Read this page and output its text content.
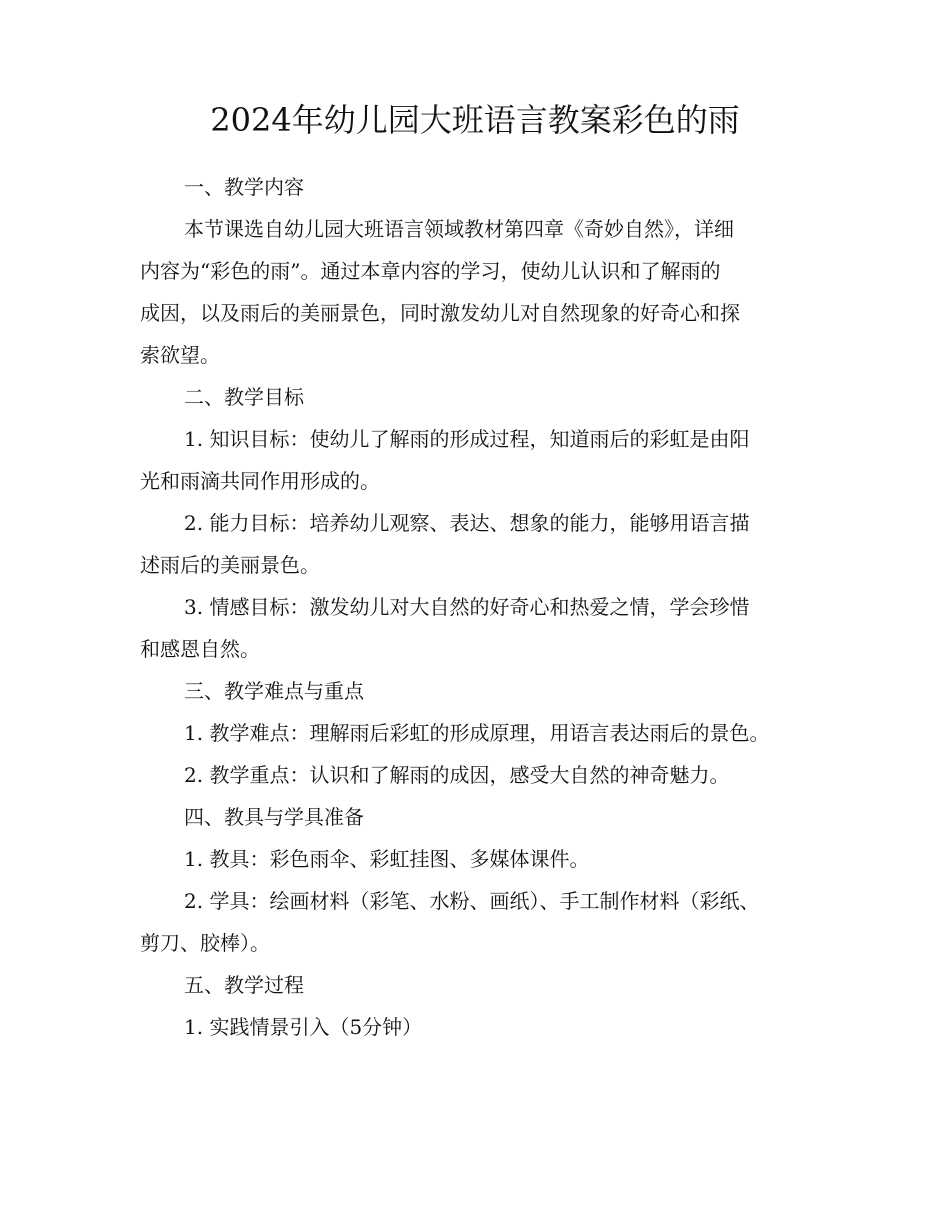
2024年幼儿园大班语言教案彩色的雨
一、教学内容
本节课选自幼儿园大班语言领域教材第四章《奇妙自然》，详细
内容为“彩色的雨”。通过本章内容的学习，使幼儿认识和了解雨的
成因，以及雨后的美丽景色，同时激发幼儿对自然现象的好奇心和探
索欲望。
二、教学目标
1. 知识目标：使幼儿了解雨的形成过程，知道雨后的彩虹是由阳
光和雨滴共同作用形成的。
2. 能力目标：培养幼儿观察、表达、想象的能力，能够用语言描
述雨后的美丽景色。
3. 情感目标：激发幼儿对大自然的好奇心和热爱之情，学会珍惜
和感恩自然。
三、教学难点与重点
1. 教学难点：理解雨后彩虹的形成原理，用语言表达雨后的景色。
2. 教学重点：认识和了解雨的成因，感受大自然的神奇魅力。
四、教具与学具准备
1. 教具：彩色雨伞、彩虹挂图、多媒体课件。
2. 学具：绘画材料（彩笔、水粉、画纸）、手工制作材料（彩纸、
剪刀、胶棒）。
五、教学过程
1. 实践情景引入（5分钟）
